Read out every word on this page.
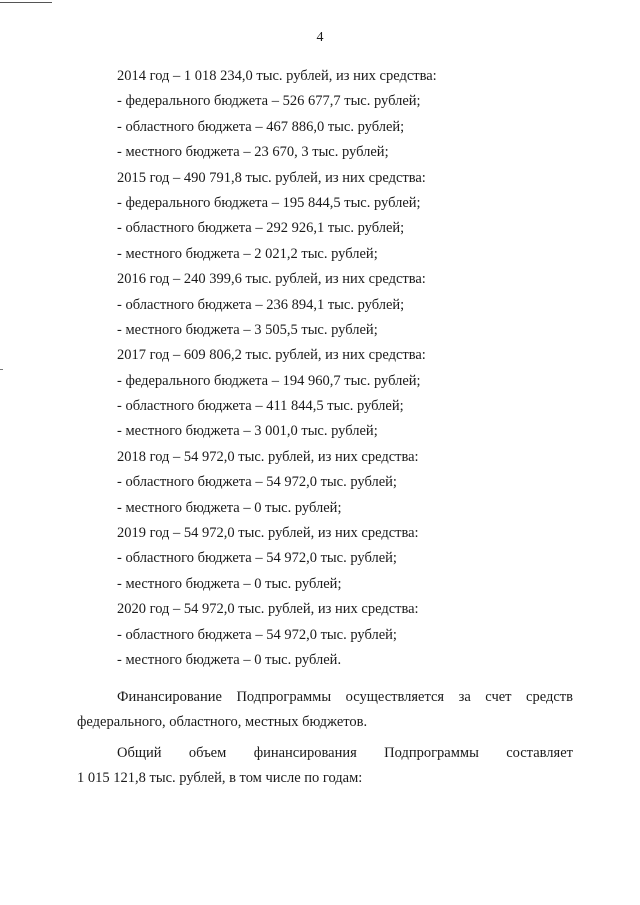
4
2014 год – 1 018 234,0 тыс. рублей, из них средства:
- федерального бюджета – 526 677,7 тыс. рублей;
- областного бюджета – 467 886,0 тыс. рублей;
- местного бюджета – 23 670, 3 тыс. рублей;
2015 год – 490 791,8 тыс. рублей, из них средства:
- федерального бюджета – 195 844,5 тыс. рублей;
- областного бюджета – 292 926,1 тыс. рублей;
- местного бюджета – 2 021,2 тыс. рублей;
2016 год – 240 399,6 тыс. рублей, из них средства:
- областного бюджета – 236 894,1 тыс. рублей;
- местного бюджета – 3 505,5 тыс. рублей;
2017 год – 609 806,2 тыс. рублей, из них средства:
- федерального бюджета – 194 960,7 тыс. рублей;
- областного бюджета – 411 844,5 тыс. рублей;
- местного бюджета – 3 001,0 тыс. рублей;
2018 год – 54 972,0 тыс. рублей, из них средства:
- областного бюджета – 54 972,0 тыс. рублей;
- местного бюджета – 0 тыс. рублей;
2019 год – 54 972,0 тыс. рублей, из них средства:
- областного бюджета – 54 972,0 тыс. рублей;
- местного бюджета – 0 тыс. рублей;
2020 год – 54 972,0 тыс. рублей, из них средства:
- областного бюджета – 54 972,0 тыс. рублей;
- местного бюджета – 0 тыс. рублей.
Финансирование Подпрограммы осуществляется за счет средств
федерального, областного, местных бюджетов.
Общий объем финансирования Подпрограммы составляет
1 015 121,8 тыс. рублей, в том числе по годам:
